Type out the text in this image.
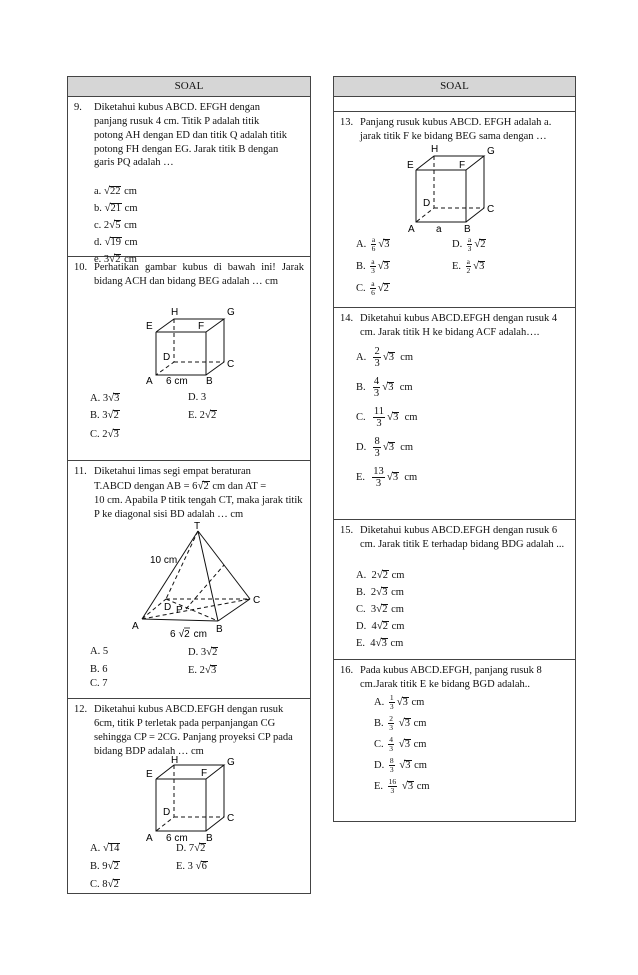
SOAL
9.	Diketahui kubus ABCD. EFGH dengan panjang rusuk 4 cm. Titik P adalah titik potong AH dengan ED dan titik Q adalah titik potong FH dengan EG. Jarak titik B dengan garis PQ adalah …
a. √22 cm
b. √21 cm
c. 2√5 cm
d. √19 cm
e. 3√2 cm
10. Perhatikan gambar kubus di bawah ini! Jarak bidang ACH dan bidang BEG adalah … cm
H	G
E	F
D
C
A 6 cm B
A. 3√3	D. 3
B. 3√2	E. 2√2
C. 2√3
11. Diketahui limas segi empat beraturan
T.ABCD dengan AB = 6√2 cm dan AT =
10 cm. Apabila P titik tengah CT, maka jarak titik P ke diagonal sisi BD adalah … cm
T
10 cm
D P
C
A	B
6 √2 cm
A. 5	D. 3√2
B. 6	E. 2√3
C. 7
12. Diketahui kubus ABCD.EFGH dengan rusuk 6cm, titik P terletak pada perpanjangan CG sehingga CP = 2CG. Panjang proyeksi CP pada bidang BDP adalah … cm
H	G
E	F
D
C
A 6 cm B
A. √14	D. 7√2
B. 9√2	E. 3 √6
C. 8√2
SOAL
13. Panjang rusuk kubus ABCD. EFGH adalah a. jarak titik F ke bidang BEG sama dengan …
H	G
E	F
D
C
A a B
A. $\frac{a}{6} √3$	D. $\frac{a}{3} √2$
B. $\frac{a}{3} √3$	E. $\frac{a}{2} √3$
C. $\frac{a}{6} √2$
14. Diketahui kubus ABCD.EFGH dengan rusuk 4 cm. Jarak titik H ke bidang ACF adalah….
A. $\frac{2}{3} √3$ cm
B. $\frac{4}{3} √3$ cm
C. $\frac{11}{3} √3$ cm
D. $\frac{8}{3} √3$ cm
E. $\frac{13}{3} √3$ cm
15. Diketahui kubus ABCD.EFGH dengan rusuk 6 cm. Jarak titik E terhadap bidang BDG adalah ...
A. 2√2 cm
B. 2√3 cm
C. 3√2 cm
D. 4√2 cm
E. 4√3 cm
16. Pada kubus ABCD.EFGH, panjang rusuk 8 cm.Jarak titik E ke bidang BGD adalah..
A. $\frac{1}{3} √3$ cm
B. $\frac{2}{3} √3$ cm
C. $\frac{4}{3} √3$ cm
D. $\frac{8}{3} √3$ cm
E. $\frac{16}{3} √3$ cm
